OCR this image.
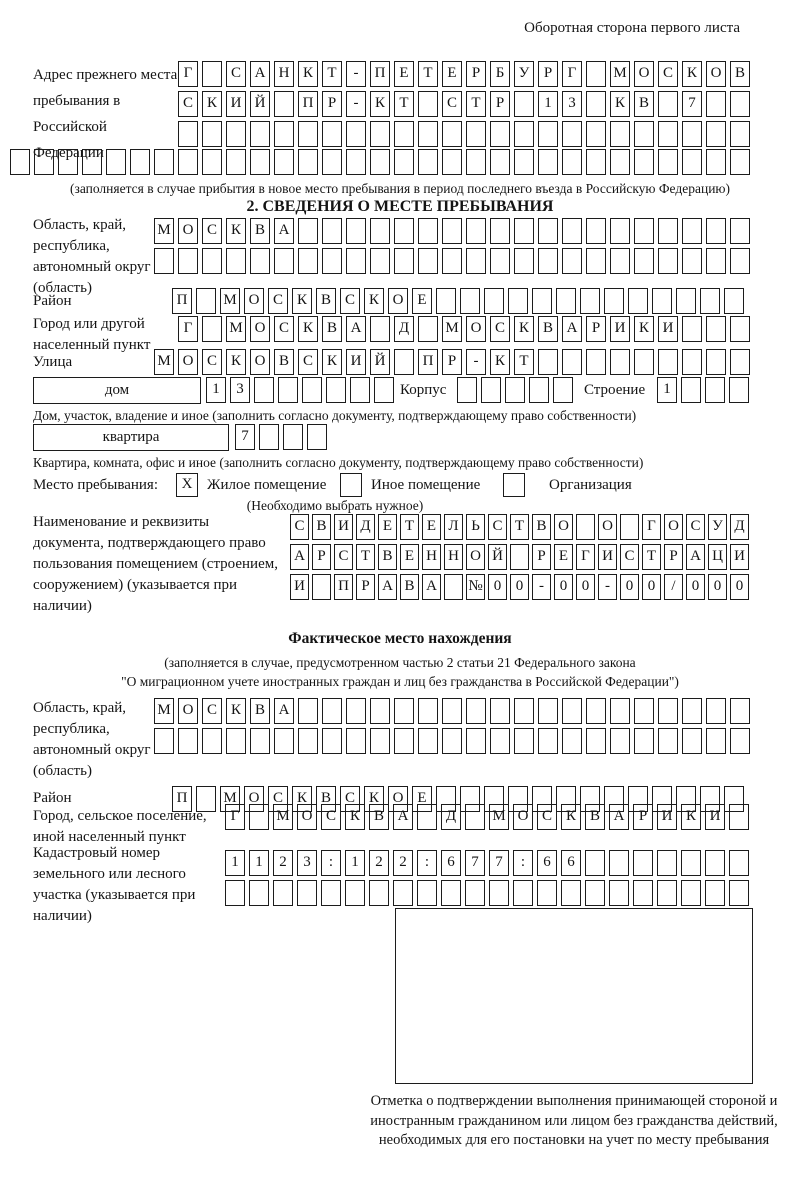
Оборотная сторона первого листа
Адрес прежнего места пребывания в Российской Федерации
Г	С А Н К Т	-	П Е Т Е	Р	Б У Р	Г	М О С К О В
С К И Й	П Р	-	К Т	С Т	Р	1	3	К В	7
(заполняется в случае прибытия в новое место пребывания в период последнего въезда в Российскую Федерацию)
2. СВЕДЕНИЯ О МЕСТЕ ПРЕБЫВАНИЯ
Область, край, республика, автономный округ (область)
М О С К В А
Район	П	М О С К В С К О Е
Город или другой населенный пункт
Г	М О С К В А	Д	М О С К В А Р И К И
Улица	М О С К О В С К И Й	П Р	-	К Т
дом	1	3	Корпус	Строение	1
Дом, участок, владение и иное (заполнить согласно документу, подтверждающему право собственности)
квартира	7
Квартира, комната, офис и иное (заполнить согласно документу, подтверждающему право собственности)
Место пребывания:	X Жилое помещение	Иное помещение	Организация
(Необходимо выбрать нужное)
Наименование и реквизиты документа, подтверждающего право пользования помещением (строением, сооружением) (указывается при наличии)
С В И Д Е Т Е Л Ь С Т В О О	Г О С У Д
А Р С Т В Е Н Н О Й	Р Е Г И С Т Р А Ц И
И П Р А В А № 0 0	-	0 0	-	0 0	/	0 0 0
Фактическое место нахождения
(заполняется в случае, предусмотренном частью 2 статьи 21 Федерального закона
"О миграционном учете иностранных граждан и лиц без гражданства в Российской Федерации")
Область, край, республика, автономный округ (область)
М О С К В А
Район	П	М О С К В С К О Е
Город, сельское поселение, иной населенный пункт
Г	М О С К В А	Д	М О С К В А Р И К И
Кадастровый номер земельного или лесного участка (указывается при наличии)
1	1	2	3	:	1	2	2	:	6	7	7	:	6	6
Отметка о подтверждении выполнения принимающей стороной и иностранным гражданином или лицом без гражданства действий, необходимых для его постановки на учет по месту пребывания
